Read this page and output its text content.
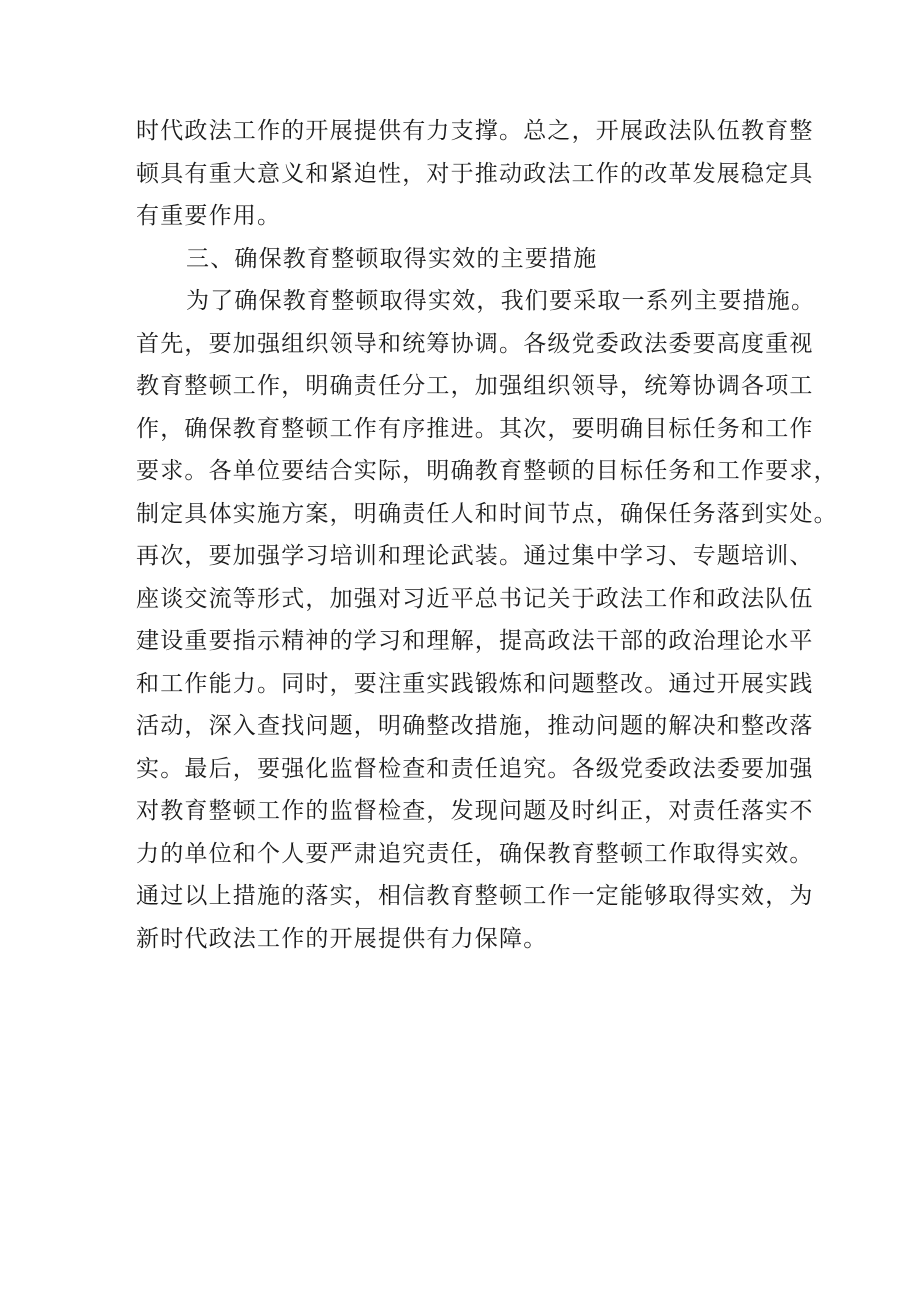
时代政法工作的开展提供有力支撑。总之，开展政法队伍教育整
顿具有重大意义和紧迫性，对于推动政法工作的改革发展稳定具
有重要作用。
三、确保教育整顿取得实效的主要措施
为了确保教育整顿取得实效，我们要采取一系列主要措施。
首先，要加强组织领导和统筹协调。各级党委政法委要高度重视
教育整顿工作，明确责任分工，加强组织领导，统筹协调各项工
作，确保教育整顿工作有序推进。其次，要明确目标任务和工作
要求。各单位要结合实际，明确教育整顿的目标任务和工作要求，
制定具体实施方案，明确责任人和时间节点，确保任务落到实处。
再次，要加强学习培训和理论武装。通过集中学习、专题培训、
座谈交流等形式，加强对习近平总书记关于政法工作和政法队伍
建设重要指示精神的学习和理解，提高政法干部的政治理论水平
和工作能力。同时，要注重实践锻炼和问题整改。通过开展实践
活动，深入查找问题，明确整改措施，推动问题的解决和整改落
实。最后，要强化监督检查和责任追究。各级党委政法委要加强
对教育整顿工作的监督检查，发现问题及时纠正，对责任落实不
力的单位和个人要严肃追究责任，确保教育整顿工作取得实效。
通过以上措施的落实，相信教育整顿工作一定能够取得实效，为
新时代政法工作的开展提供有力保障。
